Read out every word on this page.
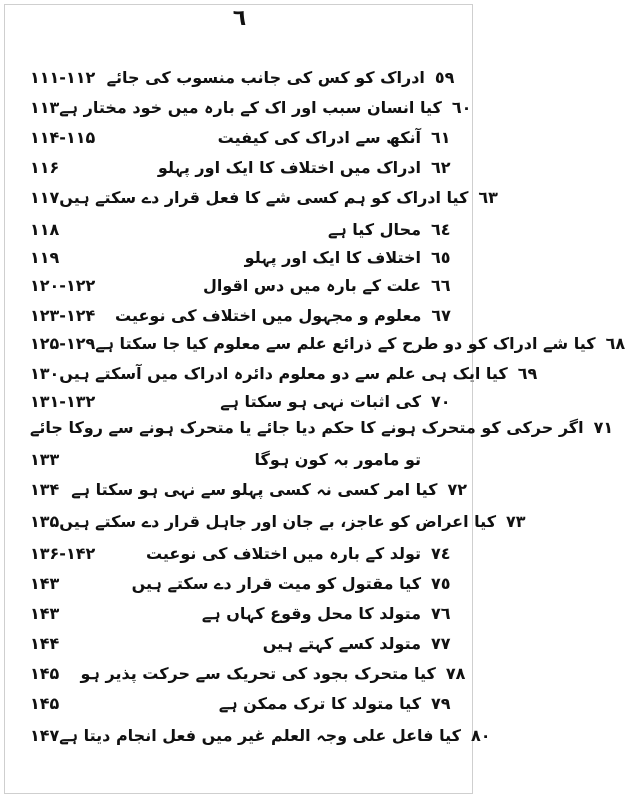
٦
۱۱۱-۱۱۲ ادراک کو کس کی جانب منسوب کی جائے ٥٩
۱۱۳ کیا انسان سبب اور اک کے بارہ میں خود مختار ہے ٦٠
۱۱۴-۱۱۵	آنکھ سے ادراک کی کیفیت ٦١
۱۱۶	ادراک میں اختلاف کا ایک اور پہلو ٦٢
۱۱۷ کیا ادراک کو ہم کسی شے کا فعل قرار دے سکتے ہیں ٦٣
۱۱۸	محال کیا ہے ٦٤
۱۱۹	اختلاف کا ایک اور پہلو ٦٥
۱۲۰-۱۲۲	علت کے بارہ میں دس اقوال ٦٦
۱۲۳-۱۲۴	معلوم و مجہول میں اختلاف کی نوعیت ٦٧
۱۲۵-۱۲۹ کیا شے ادراک کو دو طرح کے ذرائع علم سے معلوم کیا جا سکتا ہے ٦٨
۱۳۰ کیا ایک ہی علم سے دو معلوم دائرہ ادراک میں آسکتے ہیں ٦٩
۱۳۱-۱۳۲	کی اثبات نہی ہو سکتا ہے ٧٠
اگر حرکی کو متحرک ہونے کا حکم دیا جائے یا متحرک ہونے سے روکا جائے ٧١
۱۳۳	تو مامور بہ کون ہوگا
۱۳۴ کیا امر کسی نہ کسی پہلو سے نہی ہو سکتا ہے ٧٢
۱۳۵ کیا اعراض کو عاجز، بے جان اور جاہل قرار دے سکتے ہیں ٧٣
۱۳۶-۱۴۲	تولد کے بارہ میں اختلاف کی نوعیت ٧٤
۱۴۳	کیا مقتول کو میت قرار دے سکتے ہیں ٧٥
۱۴۳	متولد کا محل وقوع کہاں ہے ٧٦
۱۴۴	متولد کسے کہتے ہیں ٧٧
۱۴۵	کیا متحرک بجود کی تحریک سے حرکت پذیر ہو ٧٨
۱۴۵	کیا متولد کا ترک ممکن ہے ٧٩
۱۴۷ کیا فاعل علی وجہ العلم غیر میں فعل انجام دیتا ہے ٨٠
